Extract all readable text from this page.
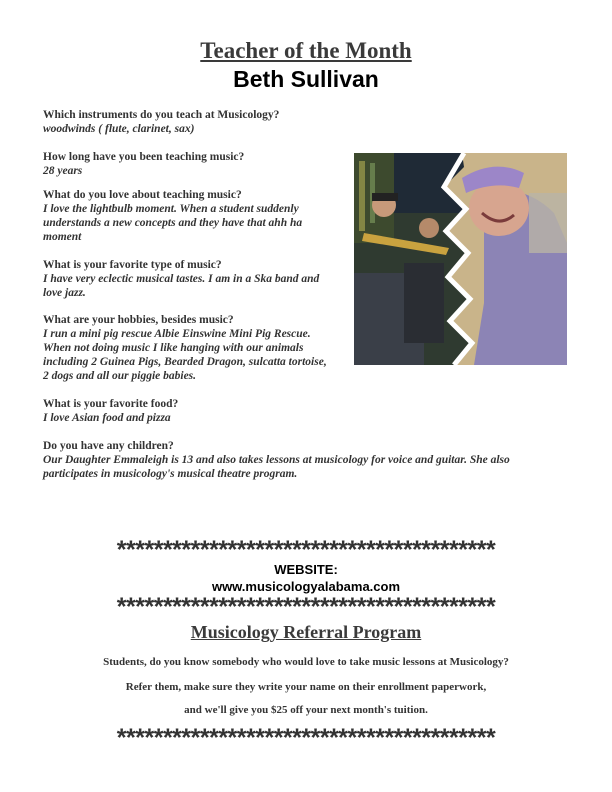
Teacher of the Month
Beth Sullivan
Which instruments do you teach at Musicology?
woodwinds ( flute, clarinet, sax)
How long have you been teaching music?
28 years
What do you love about teaching music?
I love the lightbulb moment. When a student suddenly
understands a new concepts and they have that ahh ha
moment
What is your favorite type of music?
I have very eclectic musical tastes. I am in a Ska band and
love jazz.
What are your hobbies, besides music?
I run a mini pig rescue Albie Einswine Mini Pig Rescue.
When not doing music I like hanging with our animals
including 2 Guinea Pigs, Bearded Dragon, sulcatta tortoise,
2 dogs and all our piggie babies.
What is your favorite food?
I love Asian food and pizza
Do you have any children?
Our Daughter Emmaleigh is 13 and also takes lessons at musicology for voice and guitar. She also
participates in musicology's musical theatre program.
*****************************************
WEBSITE:
www.musicologyalabama.com
*****************************************
Musicology Referral Program
Students, do you know somebody who would love to take music lessons at Musicology?
Refer them, make sure they write your name on their enrollment paperwork,
and we'll give you $25 off your next month's tuition.
*****************************************
